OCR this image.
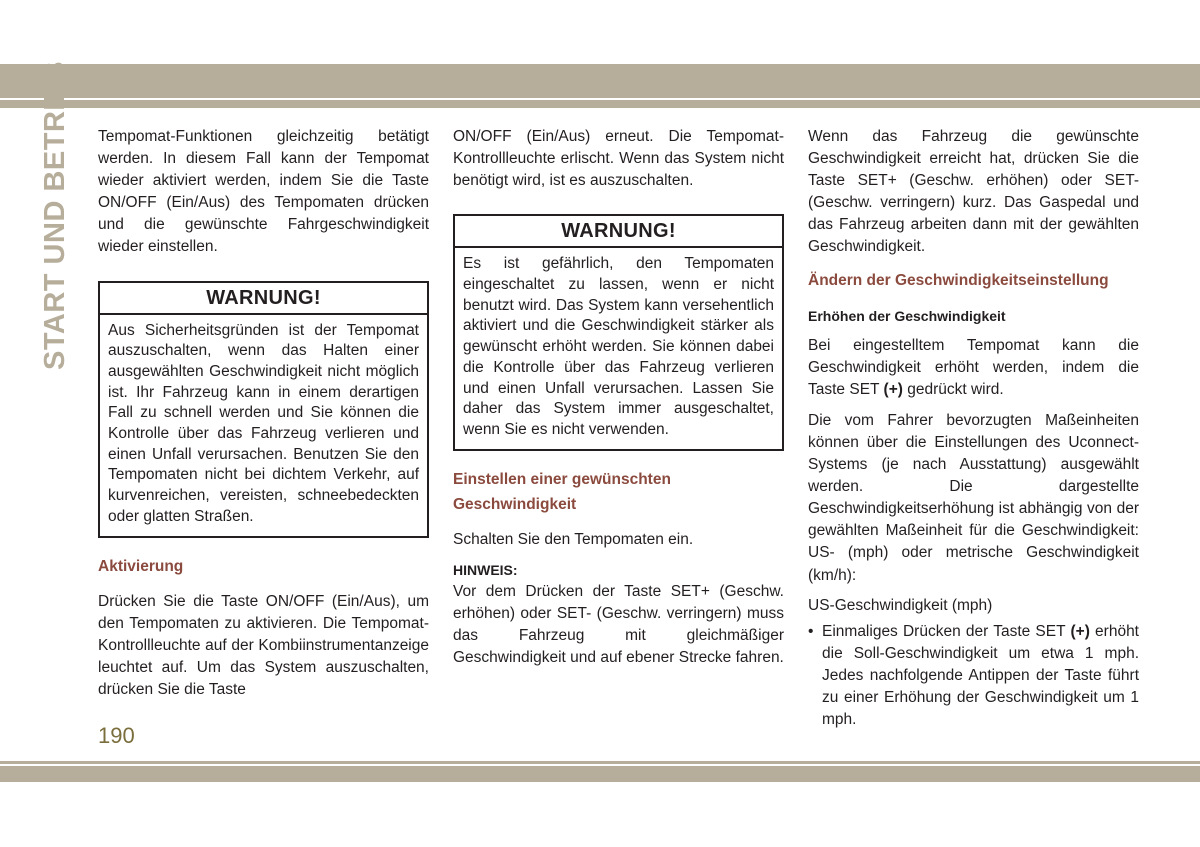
START UND BETRIEB Tempomat-Funktionen gleichzeitig betätigt werden. In diesem Fall kann der Tempomat wieder aktiviert werden, indem Sie die Taste ON/OFF (Ein/Aus) des Tempomaten drücken und die gewünschte Fahrgeschwindigkeit wieder einstellen.

WARNUNG!

Aus Sicherheitsgründen ist der Tempomat auszuschalten, wenn das Halten einer ausgewählten Geschwindigkeit nicht möglich ist. Ihr Fahrzeug kann in einem derartigen Fall zu schnell werden und Sie können die Kontrolle über das Fahrzeug verlieren und einen Unfall verursachen. Benutzen Sie den Tempomaten nicht bei dichtem Verkehr, auf kurvenreichen, vereisten, schneebedeckten oder glatten Straßen.

Aktivierung

Drücken Sie die Taste ON/OFF (Ein/Aus), um den Tempomaten zu aktivieren. Die Tempomat-Kontrollleuchte auf der Kombiinstrumentanzeige leuchtet auf. Um das System auszuschalten, drücken Sie die Taste

ON/OFF (Ein/Aus) erneut. Die Tempomat-Kontrollleuchte erlischt. Wenn das System nicht benötigt wird, ist es auszuschalten.

WARNUNG!

Es ist gefährlich, den Tempomaten eingeschaltet zu lassen, wenn er nicht benutzt wird. Das System kann versehentlich aktiviert und die Geschwindigkeit stärker als gewünscht erhöht werden. Sie können dabei die Kontrolle über das Fahrzeug verlieren und einen Unfall verursachen. Lassen Sie daher das System immer ausgeschaltet, wenn Sie es nicht verwenden.

Einstellen einer gewünschten Geschwindigkeit

Schalten Sie den Tempomaten ein.

HINWEIS:

Vor dem Drücken der Taste SET+ (Geschw. erhöhen) oder SET- (Geschw. verringern) muss das Fahrzeug mit gleichmäßiger Geschwindigkeit und auf ebener Strecke fahren.

Wenn das Fahrzeug die gewünschte Geschwindigkeit erreicht hat, drücken Sie die Taste SET+ (Geschw. erhöhen) oder SET- (Geschw. verringern) kurz. Das Gaspedal und das Fahrzeug arbeiten dann mit der gewählten Geschwindigkeit.

Ändern der Geschwindigkeitseinstellung
Erhöhen der Geschwindigkeit

Bei eingestelltem Tempomat kann die Geschwindigkeit erhöht werden, indem die Taste SET (+) gedrückt wird.

Die vom Fahrer bevorzugten Maßeinheiten können über die Einstellungen des Uconnect-Systems (je nach Ausstattung) ausgewählt werden. Die dargestellte Geschwindigkeitserhöhung ist abhängig von der gewählten Maßeinheit für die Geschwindigkeit: US- (mph) oder metrische Geschwindigkeit (km/h):

US-Geschwindigkeit (mph)
• Einmaliges Drücken der Taste SET (+) erhöht die Soll-Geschwindigkeit um etwa 1 mph. Jedes nachfolgende Antippen der Taste führt zu einer Erhöhung der Geschwindigkeit um 1 mph.

190
